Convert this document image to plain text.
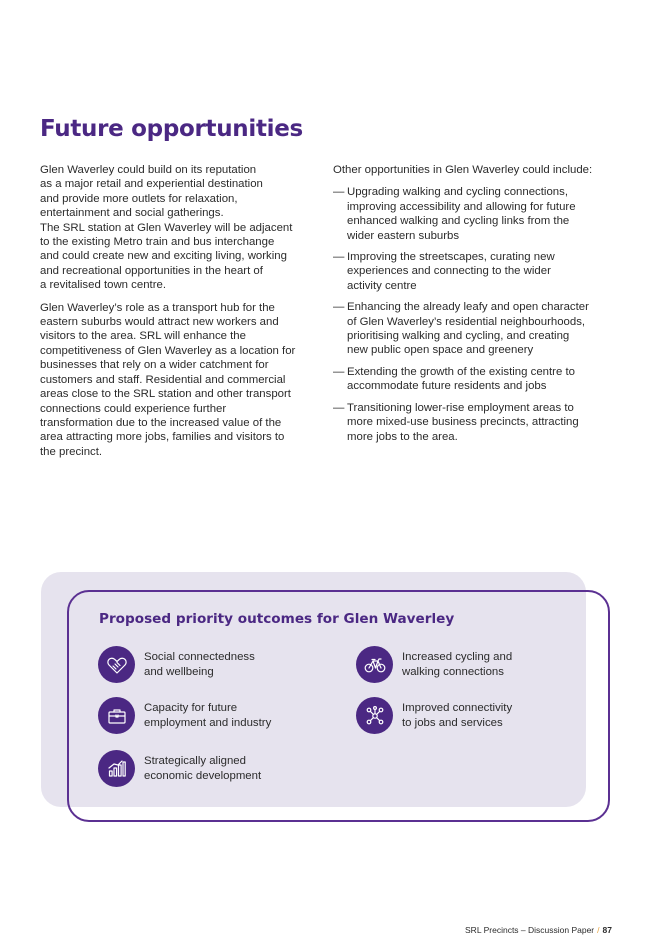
Future opportunities

Glen Waverley could build on its reputation
as a major retail and experiential destination
and provide more outlets for relaxation,
entertainment and social gatherings.
The SRL station at Glen Waverley will be adjacent
to the existing Metro train and bus interchange
and could create new and exciting living, working
and recreational opportunities in the heart of
a revitalised town centre.

Glen Waverley’s role as a transport hub for the
eastern suburbs would attract new workers and
visitors to the area. SRL will enhance the
competitiveness of Glen Waverley as a location for
businesses that rely on a wider catchment for
customers and staff. Residential and commercial
areas close to the SRL station and other transport
connections could experience further
transformation due to the increased value of the
area attracting more jobs, families and visitors to
the precinct.

Other opportunities in Glen Waverley could include:

— Upgrading walking and cycling connections,
improving accessibility and allowing for future
enhanced walking and cycling links from the
wider eastern suburbs
— Improving the streetscapes, curating new
experiences and connecting to the wider
activity centre
— Enhancing the already leafy and open character
of Glen Waverley’s residential neighbourhoods,
prioritising walking and cycling, and creating
new public open space and greenery
— Extending the growth of the existing centre to
accommodate future residents and jobs
— Transitioning lower-rise employment areas to
more mixed-use business precincts, attracting
more jobs to the area.
Proposed priority outcomes for Glen Waverley
Social connectedness
and wellbeing
Increased cycling and
walking connections
Capacity for future
employment and industry
Improved connectivity
to jobs and services
Strategically aligned
economic development
SRL Precincts – Discussion Paper / 87
